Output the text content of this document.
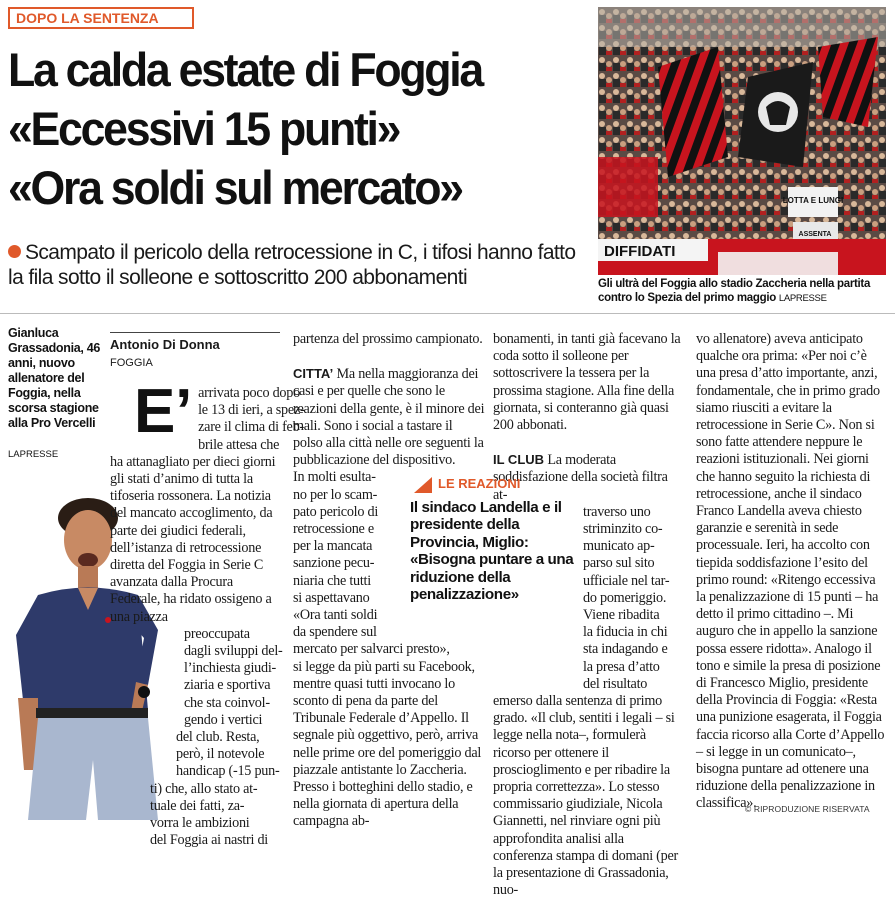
DOPO LA SENTENZA
La calda estate di Foggia
«Eccessivi 15 punti»
«Ora soldi sul mercato»
Scampato il pericolo della retrocessione in C, i tifosi hanno fatto la fila sotto il solleone e sottoscritto 200 abbonamenti
LOTTA E LUNGI
ASSENTA
DIFFIDATI
Gli ultrà del Foggia allo stadio Zaccheria nella partita contro lo Spezia del primo maggio LAPRESSE
Gianluca Grassadonia, 46 anni, nuovo allenatore del Foggia, nella scorsa stagione alla Pro Vercelli
LAPRESSE
Antonio Di Donna
FOGGIA
E’ arrivata poco dopo
le 13 di ieri, a spez-
zare il clima di feb-

brile attesa che ha attanagliato per dieci giorni gli stati d’animo di tutta la tifoseria rossonera. La notizia del mancato accoglimento, da parte dei giudici federali, dell’istanza di retrocessione diretta del Foggia in Serie C avanzata dalla Procura Federale, ha ridato ossigeno a una piazza

preoccupata
dagli sviluppi del-
l’inchiesta giudi-
ziaria e sportiva
che sta coinvol-
gendo i vertici
del club. Resta,
però, il notevole
handicap (-15 pun-
ti) che, allo stato at-
tuale dei fatti, za-
vorra le ambizioni
del Foggia ai nastri di

partenza del prossimo campionato.

CITTA’ Ma nella maggioranza dei casi e per quelle che sono le reazioni della gente, è il minore dei mali. Sono i social a tastare il polso alla città nelle ore seguenti la pubblicazione del dispositivo.

In molti esulta-
no per lo scam-
pato pericolo di
retrocessione e
per la mancata
sanzione pecu-
niaria che tutti
si aspettavano
«Ora tanti soldi
da spendere sul
mercato per salvarci presto»,

si legge da più parti su Facebook, mentre quasi tutti invocano lo sconto di pena da parte del Tribunale Federale d’Appello. Il segnale più oggettivo, però, arriva nelle prime ore del pomeriggio dal piazzale antistante lo Zaccheria. Presso i botteghini dello stadio, e nella giornata di apertura della campagna ab-

bonamenti, in tanti già facevano la coda sotto il solleone per sottoscrivere la tessera per la prossima stagione. Alla fine della giornata, si conteranno già quasi 200 abbonati.

IL CLUB La moderata soddisfazione della società filtra at-

traverso uno
striminzito co-
municato ap-
parso sul sito
ufficiale nel tar-
do pomeriggio.
Viene ribadita
la fiducia in chi
sta indagando e
la presa d’atto
del risultato

emerso dalla sentenza di primo grado. «Il club, sentiti i legali – si legge nella nota–, formulerà ricorso per ottenere il proscioglimento e per ribadire la propria correttezza». Lo stesso commissario giudiziale, Nicola Giannetti, nel rinviare ogni più approfondita analisi alla conferenza stampa di domani (per la presentazione di Grassadonia, nuo-

vo allenatore) aveva anticipato qualche ora prima: «Per noi c’è una presa d’atto importante, anzi, fondamentale, che in primo grado siamo riusciti a evitare la retrocessione in Serie C». Non si sono fatte attendere neppure le reazioni istituzionali. Nei giorni che hanno seguito la richiesta di retrocessione, anche il sindaco Franco Landella aveva chiesto garanzie e serenità in sede processuale. Ieri, ha accolto con tiepida soddisfazione l’esito del primo round: «Ritengo eccessiva la penalizzazione di 15 punti – ha detto il primo cittadino –. Mi auguro che in appello la sanzione possa essere ridotta». Analogo il tono e simile la presa di posizione di Francesco Miglio, presidente della Provincia di Foggia: «Resta una punizione esagerata, il Foggia faccia ricorso alla Corte d’Appello – si legge in un comunicato–, bisogna puntare ad ottenere una riduzione della penalizzazione in classifica».

LE REAZIONI
Il sindaco Landella e il presidente della Provincia, Miglio: «Bisogna puntare a una riduzione della penalizzazione»
© RIPRODUZIONE RISERVATA
